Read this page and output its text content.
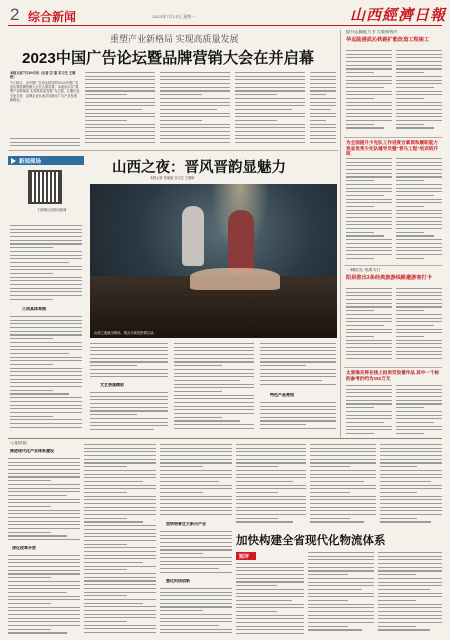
2 综合新闻	2023年7月21日 星期一	山西經濟日報
重塑产业新格局 实现高质量发展
2023中国广告论坛暨品牌营销大会在并启幕
本报太原7月20日讯（记者 宗 鉴 实习生 王婧妍）
7月18日，由中国广告协会指导的2023中国广告论坛暨品牌营销大会在太原启幕。本届论坛以“重塑产业新格局 实现高质量发展”为主题，汇聚行业专家学者、品牌企业代表共同探讨广告产业发展新路径。
新闻现场
扫码看山西经济新闻
三项具体举措
山西之夜：晋风晋韵显魅力
本报记者 张丽丽 实习生 王婧妍
山西之夜演出现场，观众与演员热情互动。
文艺表演精彩
特色产品亮相
提升运输能力 扩大集聚效应
华远陆港武沁铁路扩能改造工程竣工
为全面提升少先队工作进度合素质和履职能力 我省优秀少先队辅导员暨“青马工程”培训班开班
一城阳光 泉漾太行
阳泉推出3条经典旅游线路邀游客打卡
太原海关将在线上拍卖罚没着作品 其中一个标的参考价约为152万元
（上接第1版）
推进现代化产业体系建设
深化改革开放
加快培育壮大新兴产业
强化科技创新
加快构建全省现代化物流体系
短评
